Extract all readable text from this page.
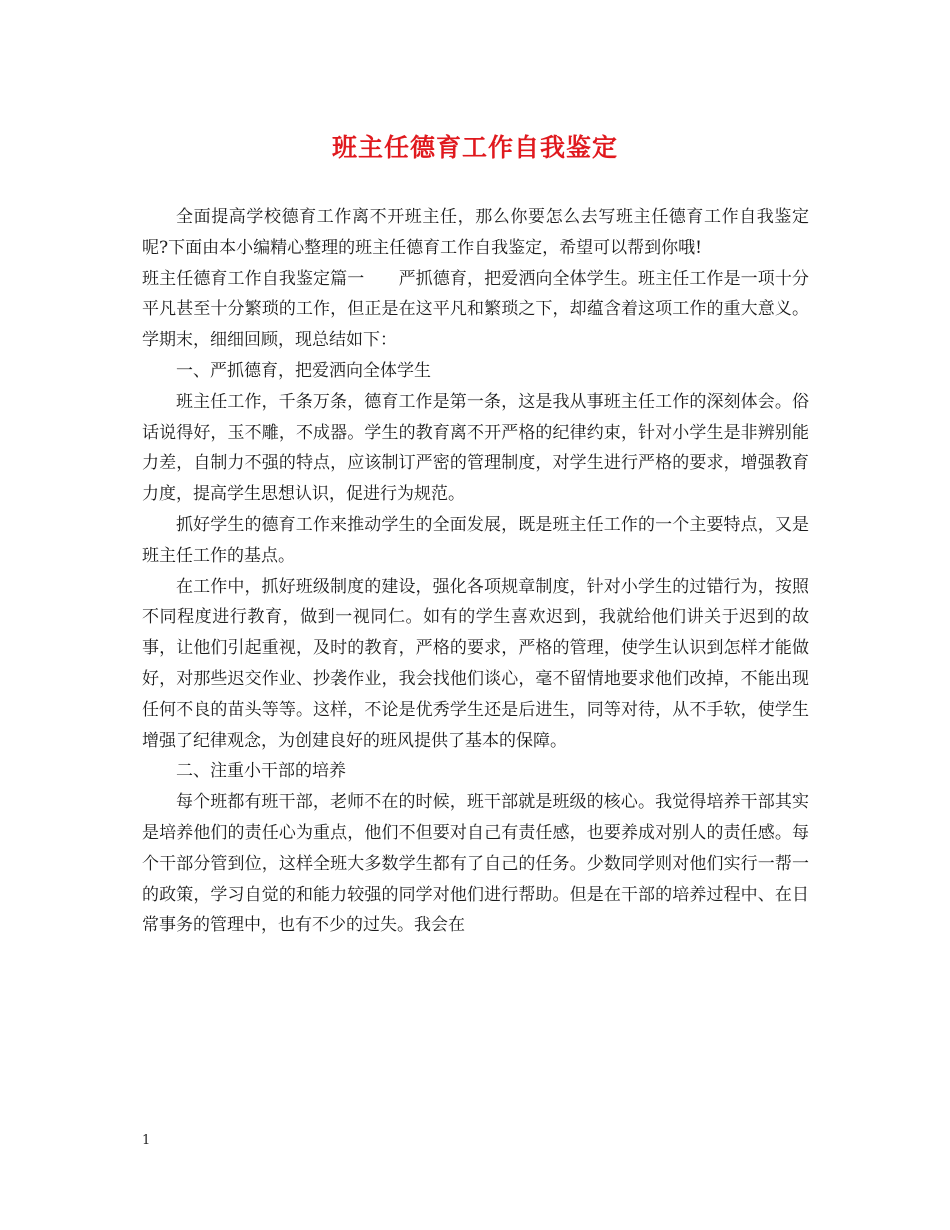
班主任德育工作自我鉴定

全面提高学校德育工作离不开班主任，那么你要怎么去写班主任德育工作自我鉴定呢?下面由本小编精心整理的班主任德育工作自我鉴定，希望可以帮到你哦!

班主任德育工作自我鉴定篇一　　严抓德育，把爱洒向全体学生。班主任工作是一项十分平凡甚至十分繁琐的工作，但正是在这平凡和繁琐之下，却蕴含着这项工作的重大意义。学期末，细细回顾，现总结如下：

一、严抓德育，把爱洒向全体学生

班主任工作，千条万条，德育工作是第一条，这是我从事班主任工作的深刻体会。俗话说得好，玉不雕，不成器。学生的教育离不开严格的纪律约束，针对小学生是非辨别能力差，自制力不强的特点，应该制订严密的管理制度，对学生进行严格的要求，增强教育力度，提高学生思想认识，促进行为规范。

抓好学生的德育工作来推动学生的全面发展，既是班主任工作的一个主要特点，又是班主任工作的基点。

在工作中，抓好班级制度的建设，强化各项规章制度，针对小学生的过错行为，按照不同程度进行教育，做到一视同仁。如有的学生喜欢迟到，我就给他们讲关于迟到的故事，让他们引起重视，及时的教育，严格的要求，严格的管理，使学生认识到怎样才能做好，对那些迟交作业、抄袭作业，我会找他们谈心，毫不留情地要求他们改掉，不能出现任何不良的苗头等等。这样，不论是优秀学生还是后进生，同等对待，从不手软，使学生增强了纪律观念，为创建良好的班风提供了基本的保障。

二、注重小干部的培养

每个班都有班干部，老师不在的时候，班干部就是班级的核心。我觉得培养干部其实是培养他们的责任心为重点，他们不但要对自己有责任感，也要养成对别人的责任感。每个干部分管到位，这样全班大多数学生都有了自己的任务。少数同学则对他们实行一帮一的政策，学习自觉的和能力较强的同学对他们进行帮助。但是在干部的培养过程中、在日常事务的管理中，也有不少的过失。我会在

1
